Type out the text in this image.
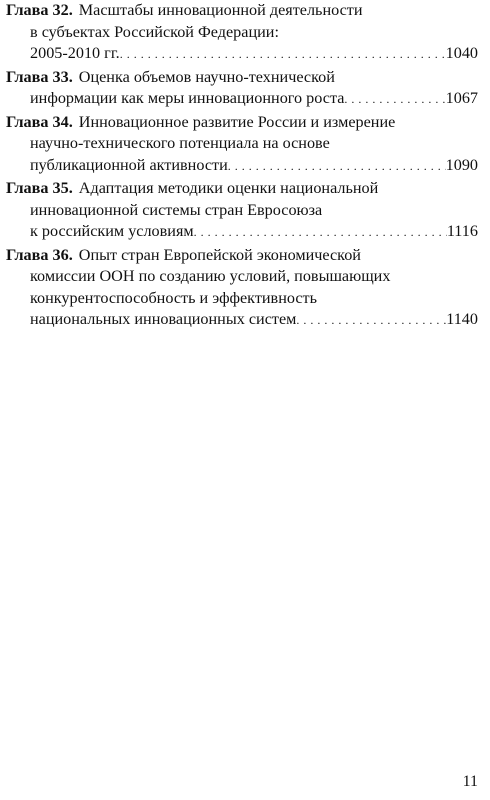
Глава 32. Масштабы инновационной деятельности
в субъектах Российской Федерации:
2005-2010 гг. . . .	1040
Глава 33. Оценка объемов научно-технической
информации как меры инновационного роста . . .	1067
Глава 34. Инновационное развитие России и измерение
научно-технического потенциала на основе
публикационной активности . . .	1090
Глава 35. Адаптация методики оценки национальной
инновационной системы стран Евросоюза
к российским условиям . . .	1116
Глава 36. Опыт стран Европейской экономической
комиссии ООН по созданию условий, повышающих
конкурентоспособность и эффективность
национальных инновационных систем . . .	1140
11
